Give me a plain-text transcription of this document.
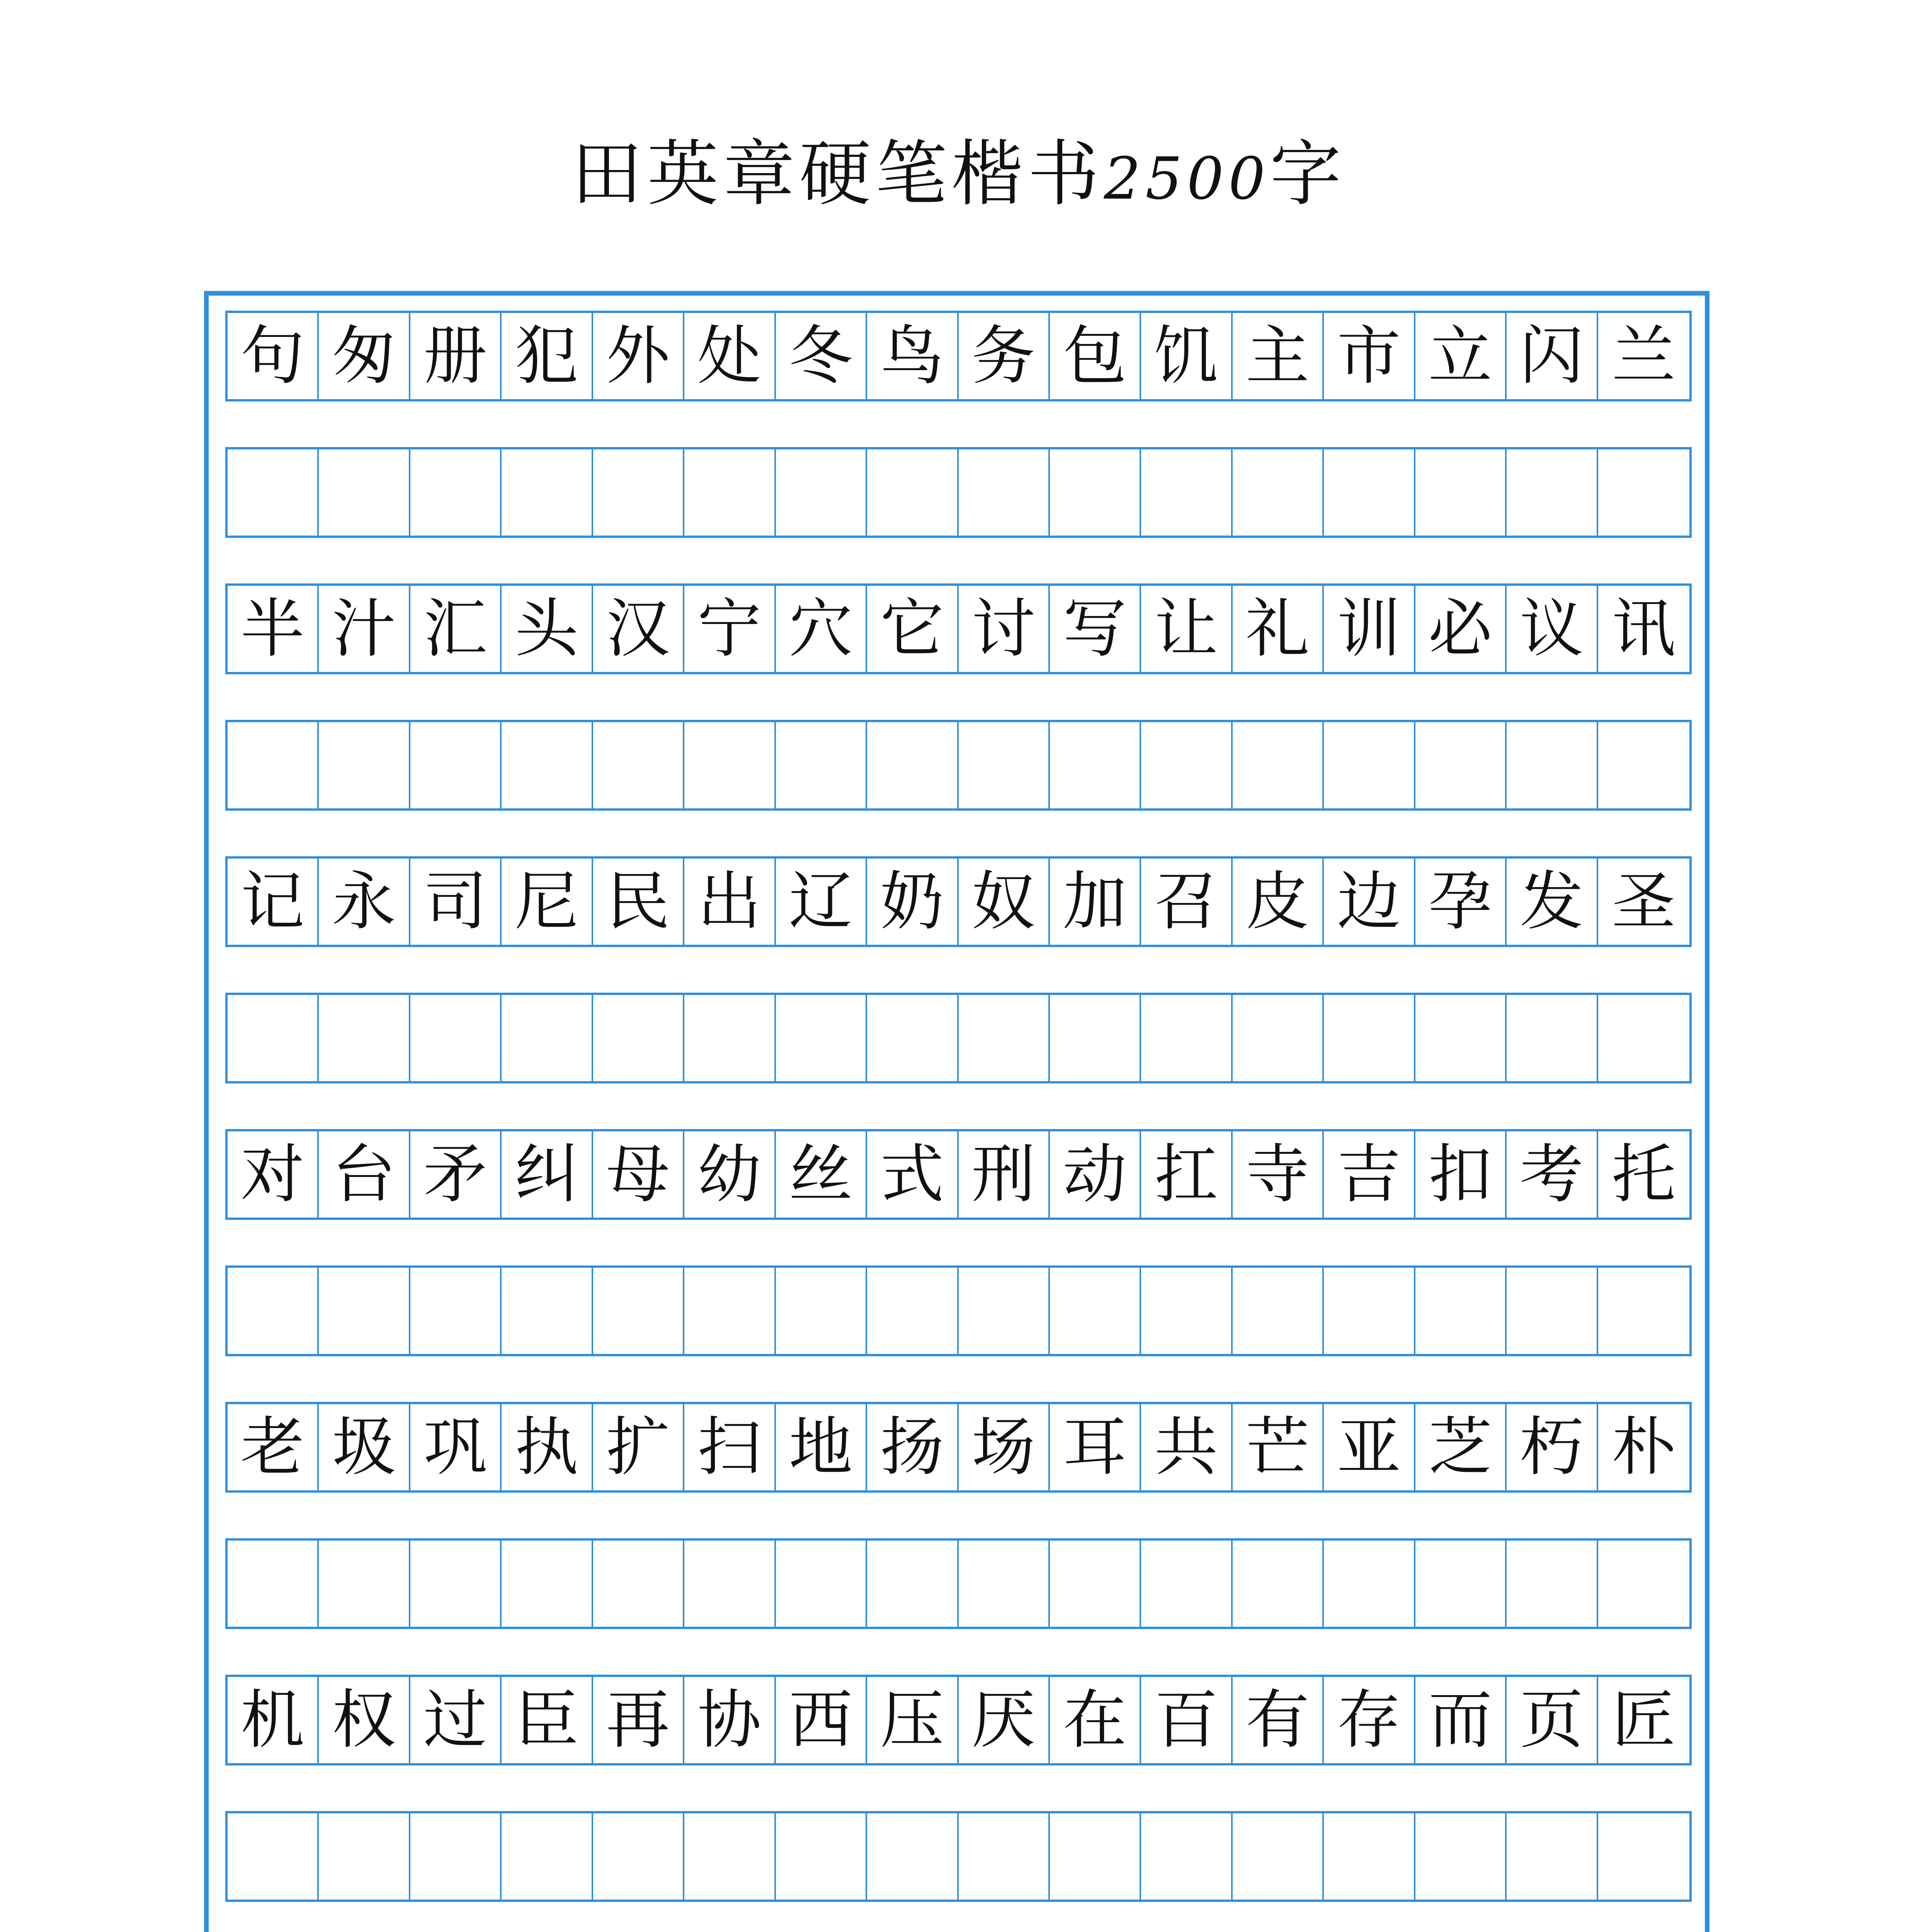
田英章硬笔楷书2500字
句 匆 册 犯 外 处 冬 鸟 务 包 饥 主 市 立 闪 兰
半 汁 汇 头 汉 宁 穴 它 讨 写 让 礼 训 必 议 讯
记 永 司 尼 民 出 辽 奶 奴 加 召 皮 边 孕 发 圣
对 台 矛 纠 母 幼 丝 式 刑 动 扛 寺 吉 扣 考 托
老 圾 巩 执 扩 扫 地 扬 场 耳 共 芒 亚 芝 朽 朴
机 权 过 臣 再 协 西 压 厌 在 百 有 存 而 页 匠
